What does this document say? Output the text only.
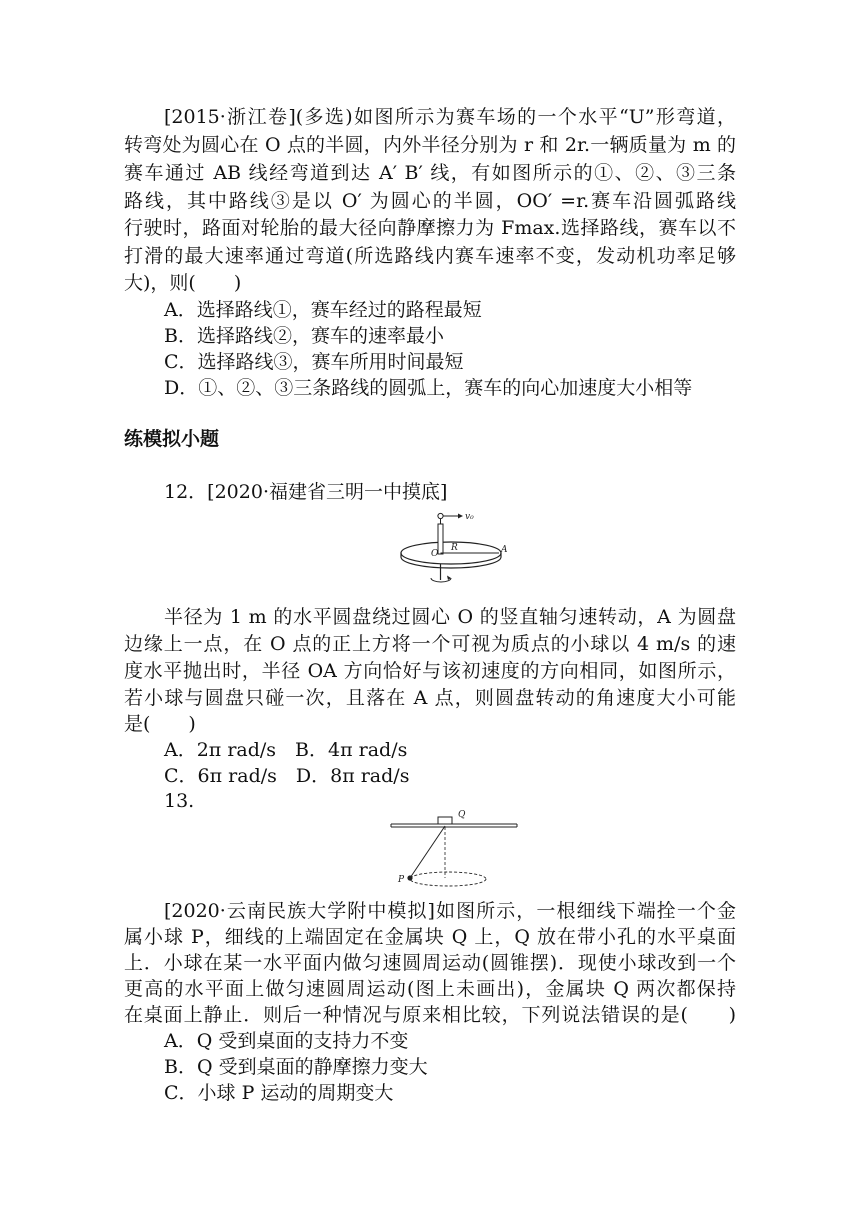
[2015·浙江卷](多选)如图所示为赛车场的一个水平“U”形弯道，
转弯处为圆心在 O 点的半圆，内外半径分别为 r 和 2r.一辆质量为 m 的
赛车通过 AB 线经弯道到达 A′ B′ 线，有如图所示的①、②、③三条
路线，其中路线③是以 O′ 为圆心的半圆，OO′ =r.赛车沿圆弧路线
行驶时，路面对轮胎的最大径向静摩擦力为 Fmax.选择路线，赛车以不
打滑的最大速率通过弯道(所选路线内赛车速率不变，发动机功率足够
大)，则(　　)
A．选择路线①，赛车经过的路程最短
B．选择路线②，赛车的速率最小
C．选择路线③，赛车所用时间最短
D．①、②、③三条路线的圆弧上，赛车的向心加速度大小相等
练模拟小题
12．[2020·福建省三明一中摸底]
v₀
O
R	A
半径为 1 m 的水平圆盘绕过圆心 O 的竖直轴匀速转动，A 为圆盘
边缘上一点，在 O 点的正上方将一个可视为质点的小球以 4 m/s 的速
度水平抛出时，半径 OA 方向恰好与该初速度的方向相同，如图所示，
若小球与圆盘只碰一次，且落在 A 点，则圆盘转动的角速度大小可能
是(　　)
A．2π rad/s　B．4π rad/s
C．6π rad/s　D．8π rad/s
13.
Q
P
[2020·云南民族大学附中模拟]如图所示，一根细线下端拴一个金
属小球 P，细线的上端固定在金属块 Q 上，Q 放在带小孔的水平桌面
上．小球在某一水平面内做匀速圆周运动(圆锥摆)．现使小球改到一个
更高的水平面上做匀速圆周运动(图上未画出)，金属块 Q 两次都保持
在桌面上静止．则后一种情况与原来相比较，下列说法错误的是(　　)
A．Q 受到桌面的支持力不变
B．Q 受到桌面的静摩擦力变大
C．小球 P 运动的周期变大
